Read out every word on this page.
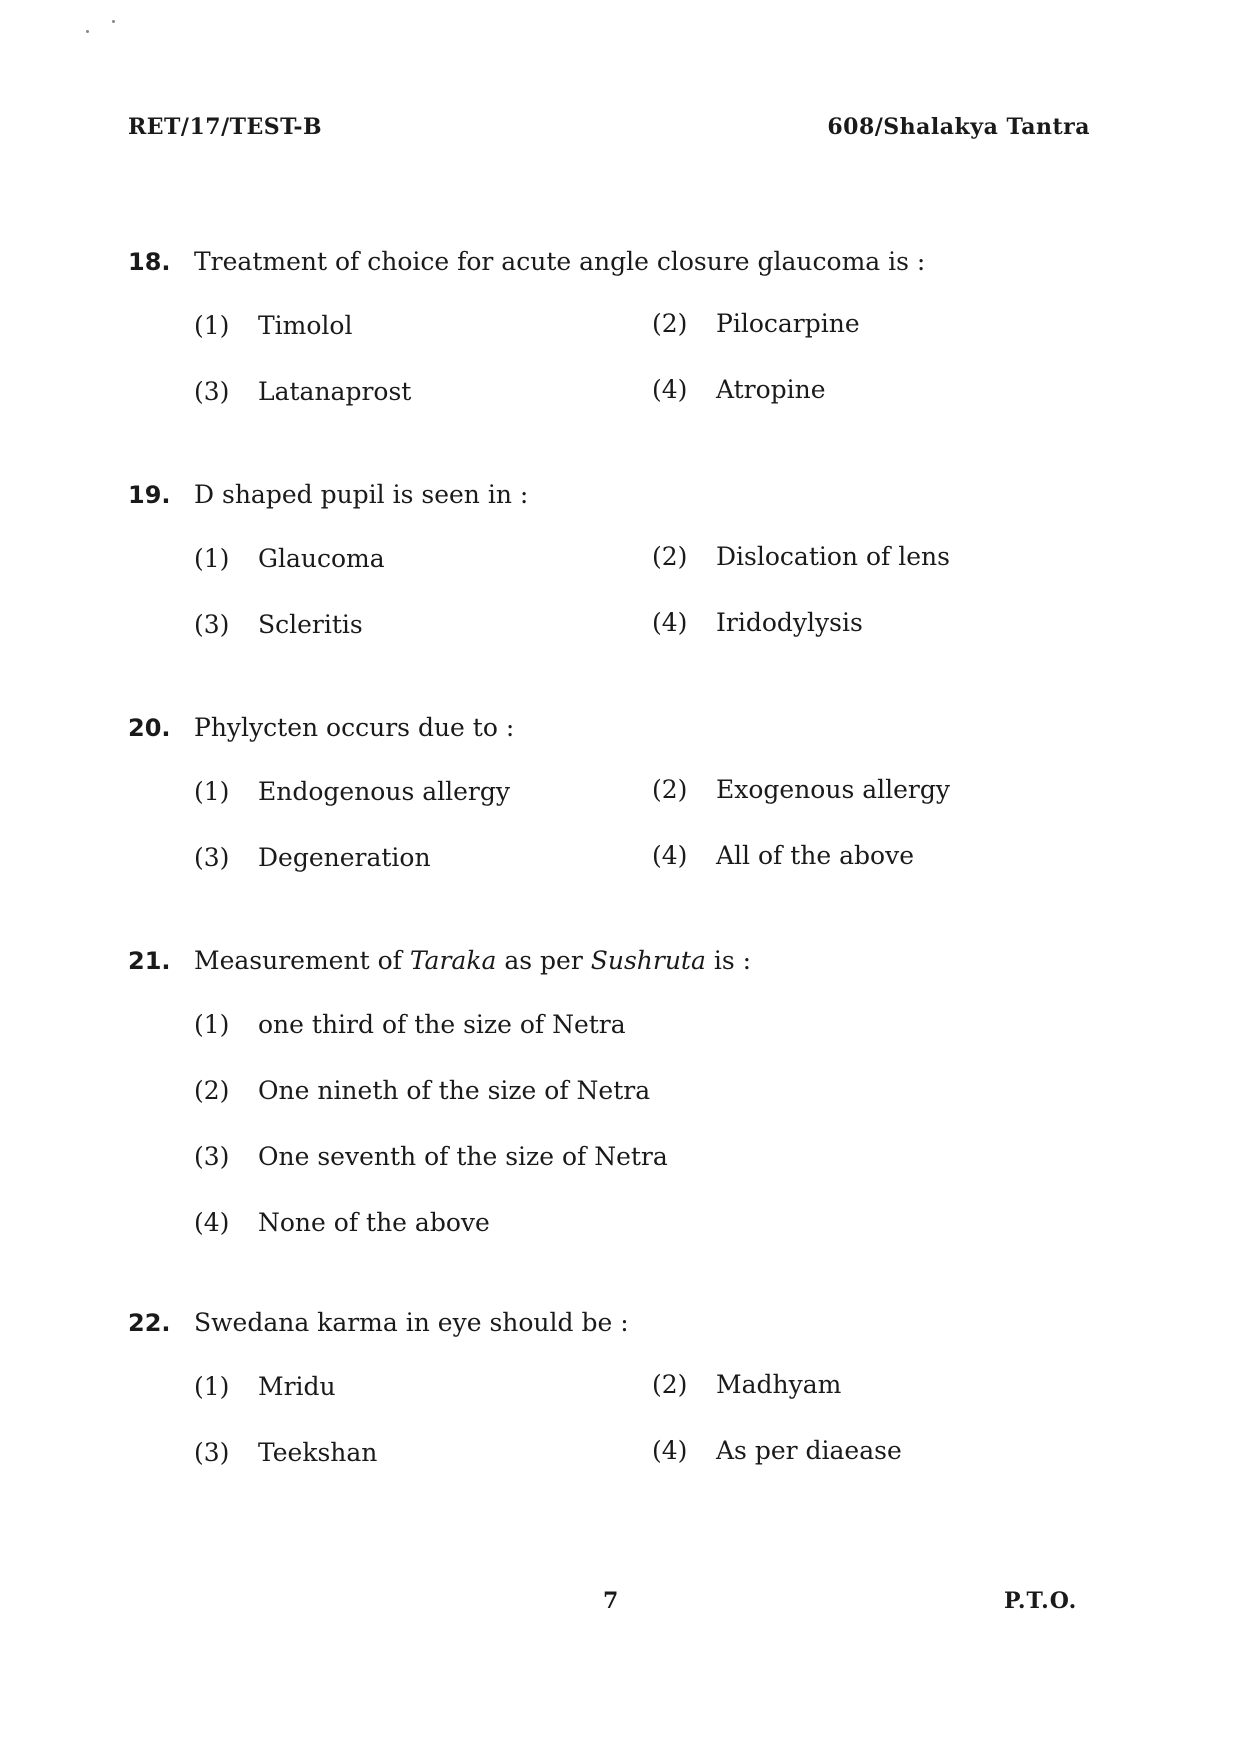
RET/17/TEST-B	608/Shalakya Tantra
18. Treatment of choice for acute angle closure glaucoma is :
(1) Timolol	(2) Pilocarpine
(3) Latanaprost	(4) Atropine
19. D shaped pupil is seen in :
(1) Glaucoma	(2) Dislocation of lens
(3) Scleritis	(4) Iridodylysis
20. Phylycten occurs due to :
(1) Endogenous allergy	(2) Exogenous allergy
(3) Degeneration	(4) All of the above
21. Measurement of Taraka as per Sushruta is :
(1) one third of the size of Netra
(2) One nineth of the size of Netra
(3) One seventh of the size of Netra
(4) None of the above
22. Swedana karma in eye should be :
(1) Mridu	(2) Madhyam
(3) Teekshan	(4) As per diaease
7	P.T.O.
